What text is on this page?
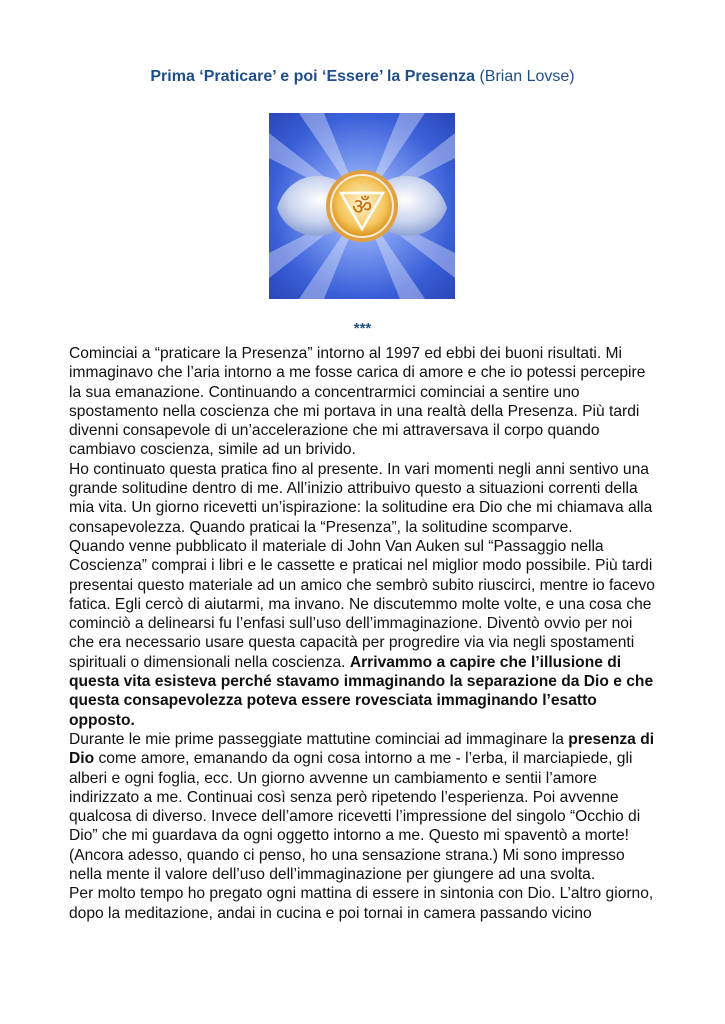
Prima ‘Praticare’ e poi ‘Essere’ la Presenza (Brian Lovse)
ॐ
***

Cominciai a “praticare la Presenza” intorno al 1997 ed ebbi dei buoni risultati. Mi immaginavo che l’aria intorno a me fosse carica di amore e che io potessi percepire la sua emanazione. Continuando a concentrarmici cominciai a sentire uno spostamento nella coscienza che mi portava in una realtà della Presenza. Più tardi divenni consapevole di un’accelerazione che mi attraversava il corpo quando cambiavo coscienza, simile ad un brivido.

Ho continuato questa pratica fino al presente. In vari momenti negli anni sentivo una grande solitudine dentro di me. All’inizio attribuivo questo a situazioni correnti della mia vita. Un giorno ricevetti un’ispirazione: la solitudine era Dio che mi chiamava alla consapevolezza. Quando praticai la “Presenza”, la solitudine scomparve.

Quando venne pubblicato il materiale di John Van Auken sul “Passaggio nella Coscienza” comprai i libri e le cassette e praticai nel miglior modo possibile. Più tardi presentai questo materiale ad un amico che sembrò subito riuscirci, mentre io facevo fatica. Egli cercò di aiutarmi, ma invano. Ne discutemmo molte volte, e una cosa che cominciò a delinearsi fu l’enfasi sull’uso dell’immaginazione. Diventò ovvio per noi che era necessario usare questa capacità per progredire via via negli spostamenti spirituali o dimensionali nella coscienza. Arrivammo a capire che l’illusione di questa vita esisteva perché stavamo immaginando la separazione da Dio e che questa consapevolezza poteva essere rovesciata immaginando l’esatto opposto.

Durante le mie prime passeggiate mattutine cominciai ad immaginare la presenza di Dio come amore, emanando da ogni cosa intorno a me - l’erba, il marciapiede, gli alberi e ogni foglia, ecc. Un giorno avvenne un cambiamento e sentii l’amore indirizzato a me. Continuai così senza però ripetendo l’esperienza. Poi avvenne qualcosa di diverso. Invece dell’amore ricevetti l’impressione del singolo “Occhio di Dio” che mi guardava da ogni oggetto intorno a me. Questo mi spaventò a morte! (Ancora adesso, quando ci penso, ho una sensazione strana.) Mi sono impresso nella mente il valore dell’uso dell’immaginazione per giungere ad una svolta.

Per molto tempo ho pregato ogni mattina di essere in sintonia con Dio. L’altro giorno, dopo la meditazione, andai in cucina e poi tornai in camera passando vicino
